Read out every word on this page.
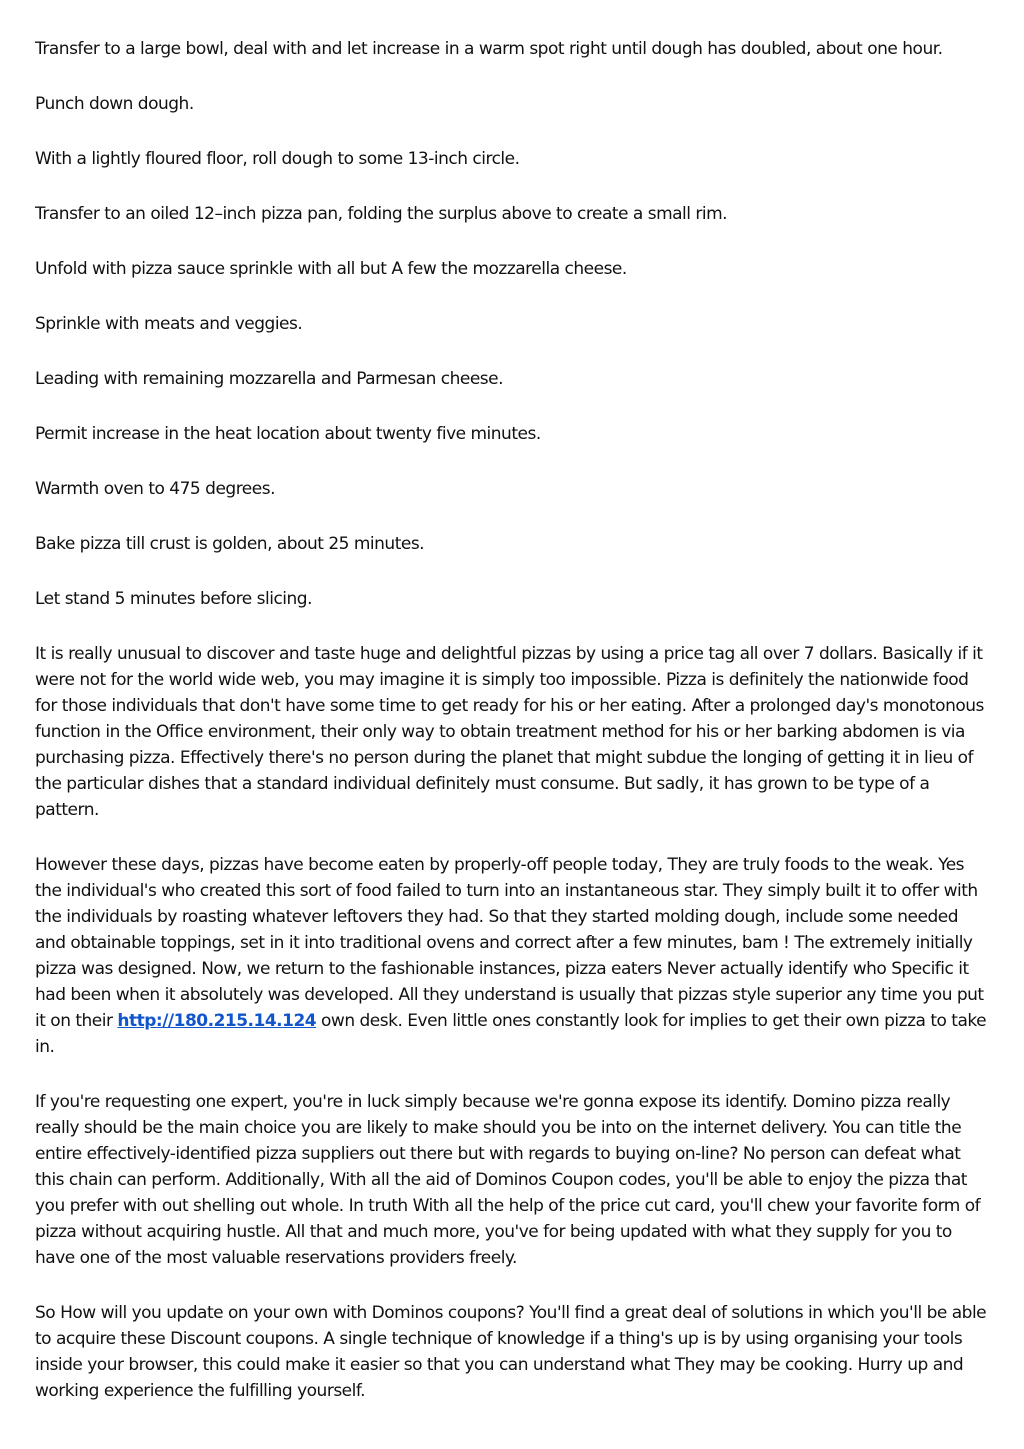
Transfer to a large bowl, deal with and let increase in a warm spot right until dough has doubled, about one hour.

Punch down dough.

With a lightly floured floor, roll dough to some 13-inch circle.

Transfer to an oiled 12–inch pizza pan, folding the surplus above to create a small rim.

Unfold with pizza sauce sprinkle with all but A few the mozzarella cheese.

Sprinkle with meats and veggies.

Leading with remaining mozzarella and Parmesan cheese.

Permit increase in the heat location about twenty five minutes.

Warmth oven to 475 degrees.

Bake pizza till crust is golden, about 25 minutes.

Let stand 5 minutes before slicing.

It is really unusual to discover and taste huge and delightful pizzas by using a price tag all over 7 dollars. Basically if it were not for the world wide web, you may imagine it is simply too impossible. Pizza is definitely the nationwide food for those individuals that don't have some time to get ready for his or her eating. After a prolonged day's monotonous function in the Office environment, their only way to obtain treatment method for his or her barking abdomen is via purchasing pizza. Effectively there's no person during the planet that might subdue the longing of getting it in lieu of the particular dishes that a standard individual definitely must consume. But sadly, it has grown to be type of a pattern.

However these days, pizzas have become eaten by properly-off people today, They are truly foods to the weak. Yes the individual's who created this sort of food failed to turn into an instantaneous star. They simply built it to offer with the individuals by roasting whatever leftovers they had. So that they started molding dough, include some needed and obtainable toppings, set in it into traditional ovens and correct after a few minutes, bam ! The extremely initially pizza was designed. Now, we return to the fashionable instances, pizza eaters Never actually identify who Specific it had been when it absolutely was developed. All they understand is usually that pizzas style superior any time you put it on their http://180.215.14.124 own desk. Even little ones constantly look for implies to get their own pizza to take in.

If you're requesting one expert, you're in luck simply because we're gonna expose its identify. Domino pizza really really should be the main choice you are likely to make should you be into on the internet delivery. You can title the entire effectively-identified pizza suppliers out there but with regards to buying on-line? No person can defeat what this chain can perform. Additionally, With all the aid of Dominos Coupon codes, you'll be able to enjoy the pizza that you prefer with out shelling out whole. In truth With all the help of the price cut card, you'll chew your favorite form of pizza without acquiring hustle. All that and much more, you've for being updated with what they supply for you to have one of the most valuable reservations providers freely.

So How will you update on your own with Dominos coupons? You'll find a great deal of solutions in which you'll be able to acquire these Discount coupons. A single technique of knowledge if a thing's up is by using organising your tools inside your browser, this could make it easier so that you can understand what They may be cooking. Hurry up and working experience the fulfilling yourself.
